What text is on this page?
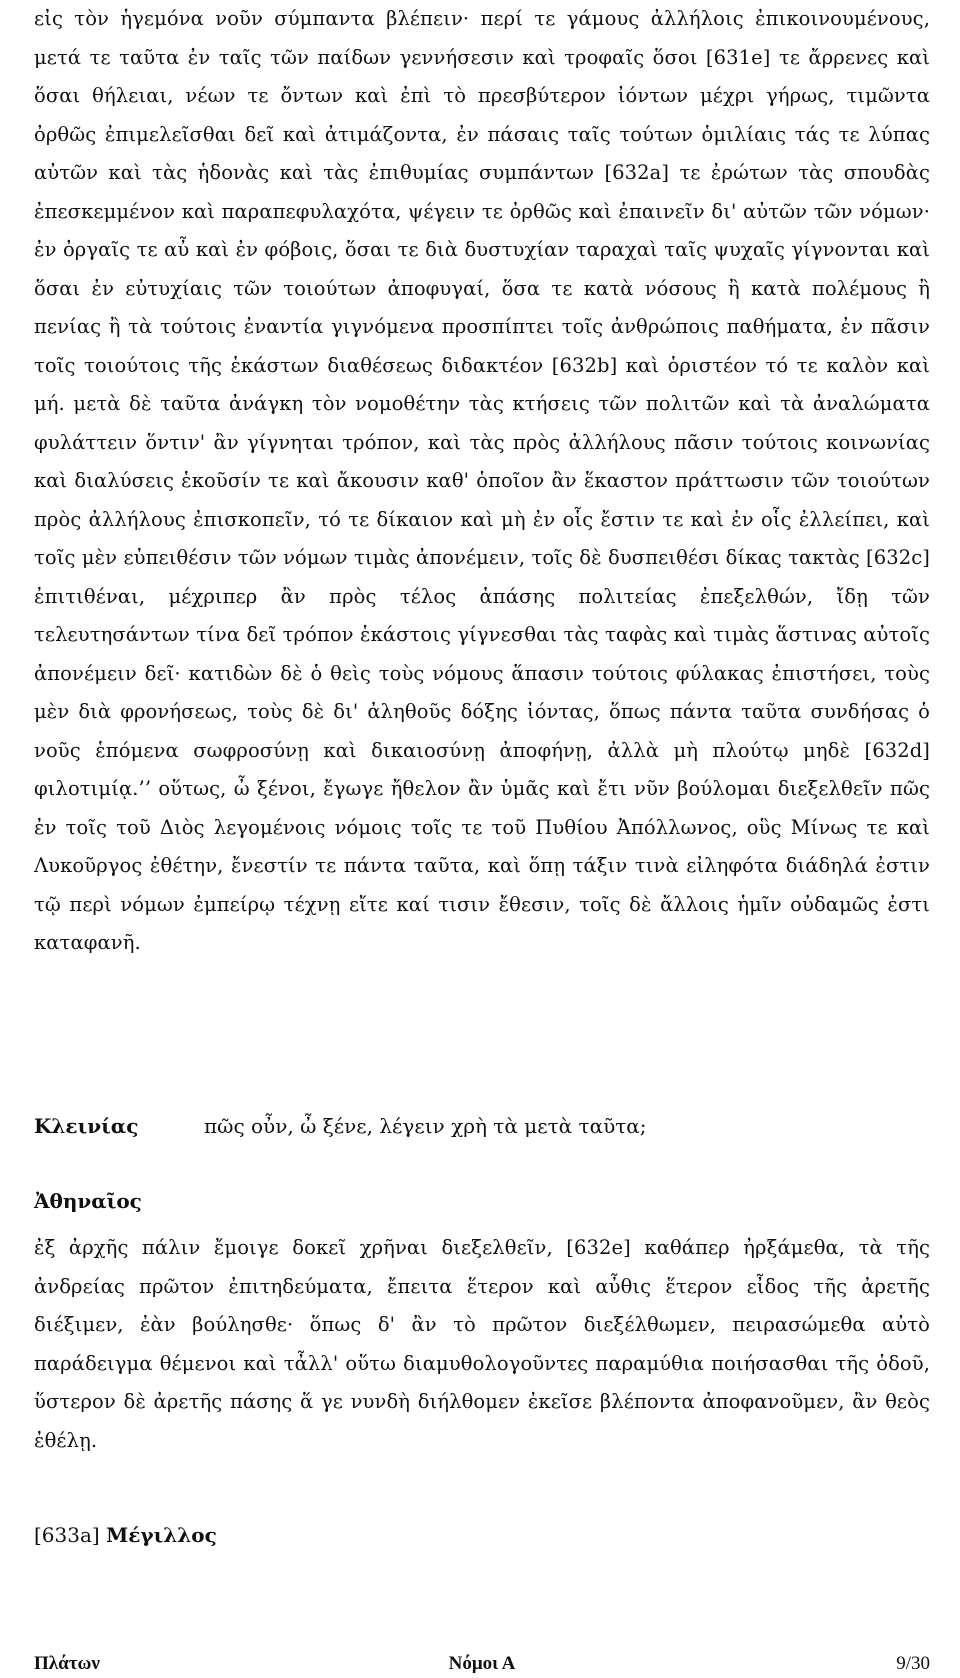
εἰς τὸν ἡγεμόνα νοῦν σύμπαντα βλέπειν· περί τε γάμους ἀλλήλοις ἐπικοινουμένους, μετά τε ταῦτα ἐν ταῖς τῶν παίδων γεννήσεσιν καὶ τροφαῖς ὅσοι [631e] τε ἄρρενες καὶ ὅσαι θήλειαι, νέων τε ὄντων καὶ ἐπὶ τὸ πρεσβύτερον ἰόντων μέχρι γήρως, τιμῶντα ὀρθῶς ἐπιμελεῖσθαι δεῖ καὶ ἀτιμάζοντα, ἐν πάσαις ταῖς τούτων ὁμιλίαις τάς τε λύπας αὐτῶν καὶ τὰς ἡδονὰς καὶ τὰς ἐπιθυμίας συμπάντων [632a] τε ἐρώτων τὰς σπουδὰς ἐπεσκεμμένον καὶ παραπεφυλαχότα, ψέγειν τε ὀρθῶς καὶ ἐπαινεῖν δι' αὐτῶν τῶν νόμων· ἐν ὀργαῖς τε αὖ καὶ ἐν φόβοις, ὅσαι τε διὰ δυστυχίαν ταραχαὶ ταῖς ψυχαῖς γίγνονται καὶ ὅσαι ἐν εὐτυχίαις τῶν τοιούτων ἀποφυγαί, ὅσα τε κατὰ νόσους ἢ κατὰ πολέμους ἢ πενίας ἢ τὰ τούτοις ἐναντία γιγνόμενα προσπίπτει τοῖς ἀνθρώποις παθήματα, ἐν πᾶσιν τοῖς τοιούτοις τῆς ἑκάστων διαθέσεως διδακτέον [632b] καὶ ὁριστέον τό τε καλὸν καὶ μή. μετὰ δὲ ταῦτα ἀνάγκη τὸν νομοθέτην τὰς κτήσεις τῶν πολιτῶν καὶ τὰ ἀναλώματα φυλάττειν ὅντιν' ἂν γίγνηται τρόπον, καὶ τὰς πρὸς ἀλλήλους πᾶσιν τούτοις κοινωνίας καὶ διαλύσεις ἑκοῦσίν τε καὶ ἄκουσιν καθ' ὁποῖον ἂν ἕκαστον πράττωσιν τῶν τοιούτων πρὸς ἀλλήλους ἐπισκοπεῖν, τό τε δίκαιον καὶ μὴ ἐν οἷς ἔστιν τε καὶ ἐν οἷς ἐλλείπει, καὶ τοῖς μὲν εὐπειθέσιν τῶν νόμων τιμὰς ἀπονέμειν, τοῖς δὲ δυσπειθέσι δίκας τακτὰς [632c] ἐπιτιθέναι, μέχριπερ ἂν πρὸς τέλος ἁπάσης πολιτείας ἐπεξελθών, ἴδῃ τῶν τελευτησάντων τίνα δεῖ τρόπον ἑκάστοις γίγνεσθαι τὰς ταφὰς καὶ τιμὰς ἅστινας αὐτοῖς ἀπονέμειν δεῖ· κατιδὼν δὲ ὁ θεὶς τοὺς νόμους ἅπασιν τούτοις φύλακας ἐπιστήσει, τοὺς μὲν διὰ φρονήσεως, τοὺς δὲ δι' ἀληθοῦς δόξης ἰόντας, ὅπως πάντα ταῦτα συνδήσας ὁ νοῦς ἑπόμενα σωφροσύνῃ καὶ δικαιοσύνῃ ἀποφήνῃ, ἀλλὰ μὴ πλούτῳ μηδὲ [632d] φιλοτιμίᾳ.’’ οὕτως, ὦ ξένοι, ἔγωγε ἤθελον ἂν ὑμᾶς καὶ ἔτι νῦν βούλομαι διεξελθεῖν πῶς ἐν τοῖς τοῦ Διὸς λεγομένοις νόμοις τοῖς τε τοῦ Πυθίου Ἀπόλλωνος, οὓς Μίνως τε καὶ Λυκοῦργος ἐθέτην, ἔνεστίν τε πάντα ταῦτα, καὶ ὅπῃ τάξιν τινὰ εἰληφότα διάδηλά ἐστιν τῷ περὶ νόμων ἐμπείρῳ τέχνῃ εἴτε καί τισιν ἔθεσιν, τοῖς δὲ ἄλλοις ἡμῖν οὐδαμῶς ἐστι καταφανῆ.

Κλεινίας	πῶς οὖν, ὦ ξένε, λέγειν χρὴ τὰ μετὰ ταῦτα;
Ἀθηναῖος

ἐξ ἀρχῆς πάλιν ἔμοιγε δοκεῖ χρῆναι διεξελθεῖν, [632e] καθάπερ ἠρξάμεθα, τὰ τῆς ἀνδρείας πρῶτον ἐπιτηδεύματα, ἔπειτα ἕτερον καὶ αὖθις ἕτερον εἶδος τῆς ἀρετῆς διέξιμεν, ἐὰν βούλησθε· ὅπως δ' ἂν τὸ πρῶτον διεξέλθωμεν, πειρασώμεθα αὐτὸ παράδειγμα θέμενοι καὶ τἆλλ' οὕτω διαμυθολογοῦντες παραμύθια ποιήσασθαι τῆς ὁδοῦ, ὕστερον δὲ ἀρετῆς πάσης ἅ γε νυνδὴ διήλθομεν ἐκεῖσε βλέποντα ἀποφανοῦμεν, ἂν θεὸς ἐθέλῃ.

[633a] Μέγιλλος
Νόμοι Α
Πλάτων	9/30
